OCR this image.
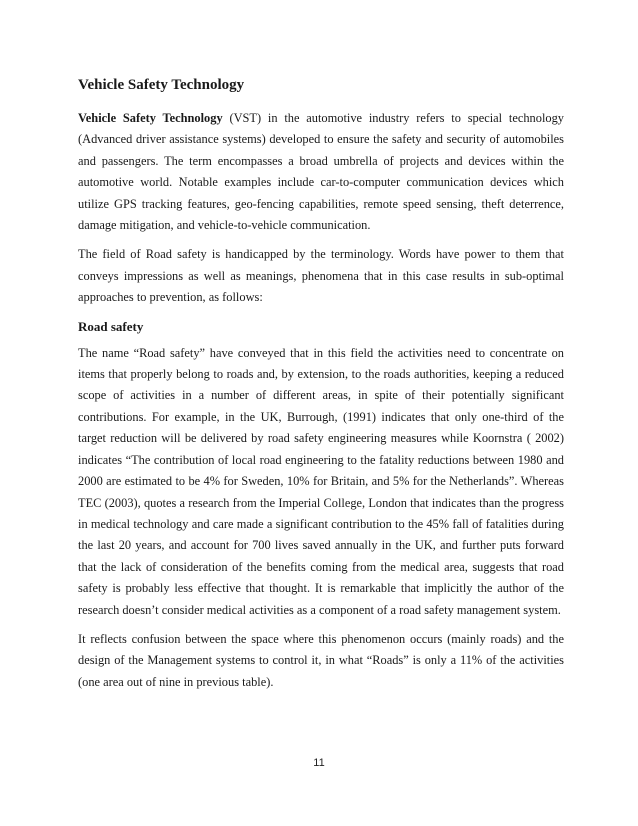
Vehicle Safety Technology

Vehicle Safety Technology (VST) in the automotive industry refers to special technology (Advanced driver assistance systems) developed to ensure the safety and security of automobiles and passengers. The term encompasses a broad umbrella of projects and devices within the automotive world. Notable examples include car-to-computer communication devices which utilize GPS tracking features, geo-fencing capabilities, remote speed sensing, theft deterrence, damage mitigation, and vehicle-to-vehicle communication.

The field of Road safety is handicapped by the terminology. Words have power to them that conveys impressions as well as meanings, phenomena that in this case results in sub-optimal approaches to prevention, as follows:

Road safety

The name “Road safety” have conveyed that in this field the activities need to concentrate on items that properly belong to roads and, by extension, to the roads authorities, keeping a reduced scope of activities in a number of different areas, in spite of their potentially significant contributions. For example, in the UK, Burrough, (1991) indicates that only one-third of the target reduction will be delivered by road safety engineering measures while Koornstra ( 2002) indicates “The contribution of local road engineering to the fatality reductions between 1980 and 2000 are estimated to be 4% for Sweden, 10% for Britain, and 5% for the Netherlands”. Whereas TEC (2003), quotes a research from the Imperial College, London that indicates than the progress in medical technology and care made a significant contribution to the 45% fall of fatalities during the last 20 years, and account for 700 lives saved annually in the UK, and further puts forward that the lack of consideration of the benefits coming from the medical area, suggests that road safety is probably less effective that thought. It is remarkable that implicitly the author of the research doesn’t consider medical activities as a component of a road safety management system.

It reflects confusion between the space where this phenomenon occurs (mainly roads) and the design of the Management systems to control it, in what “Roads” is only a 11% of the activities (one area out of nine in previous table).

11
